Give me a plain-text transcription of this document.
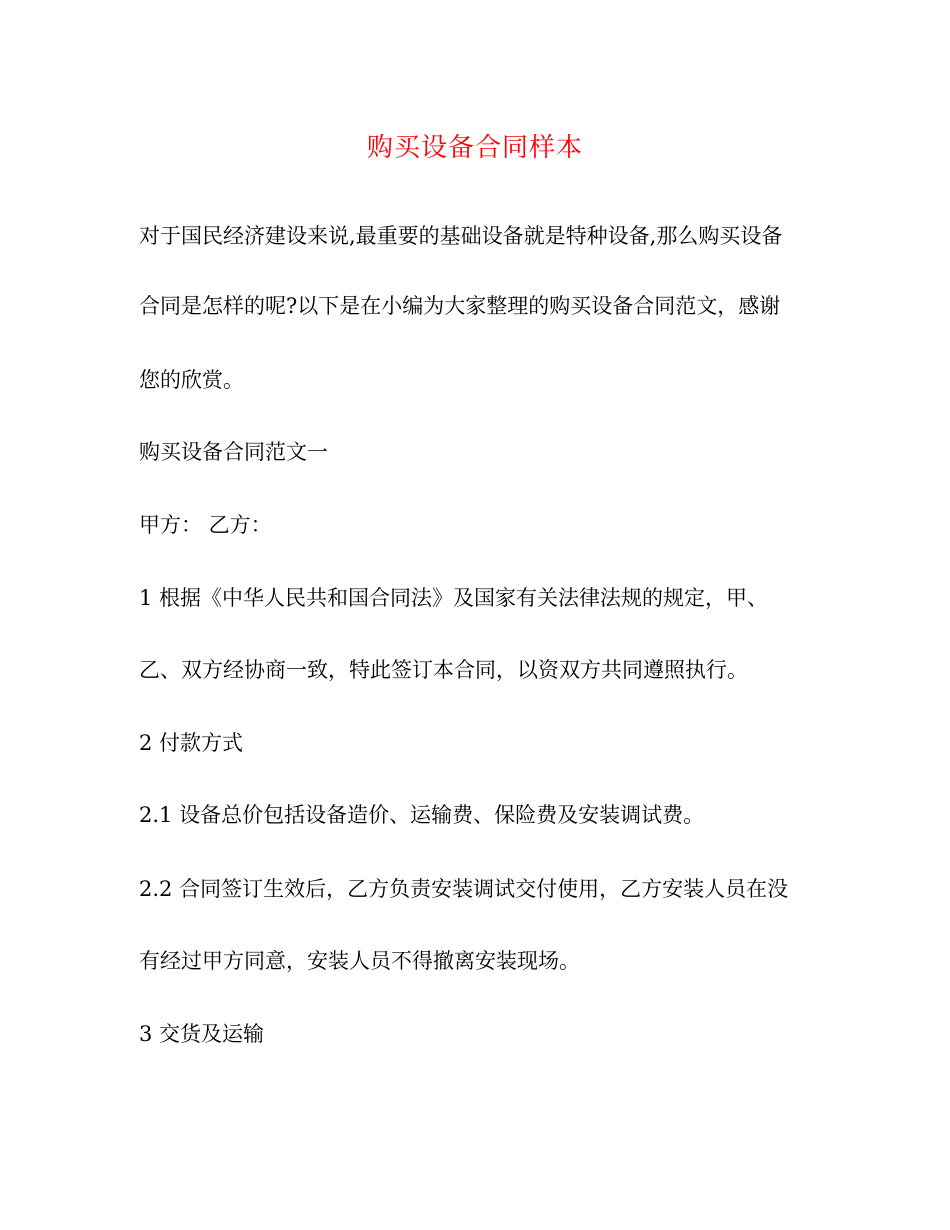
购买设备合同样本
对于国民经济建设来说,最重要的基础设备就是特种设备,那么购买设备
合同是怎样的呢?以下是在小编为大家整理的购买设备合同范文，感谢
您的欣赏。
购买设备合同范文一
甲方： 乙方：
1 根据《中华人民共和国合同法》及国家有关法律法规的规定，甲、
乙、双方经协商一致，特此签订本合同，以资双方共同遵照执行。
2 付款方式
2.1 设备总价包括设备造价、运输费、保险费及安装调试费。
2.2 合同签订生效后，乙方负责安装调试交付使用，乙方安装人员在没
有经过甲方同意，安装人员不得撤离安装现场。
3 交货及运输
